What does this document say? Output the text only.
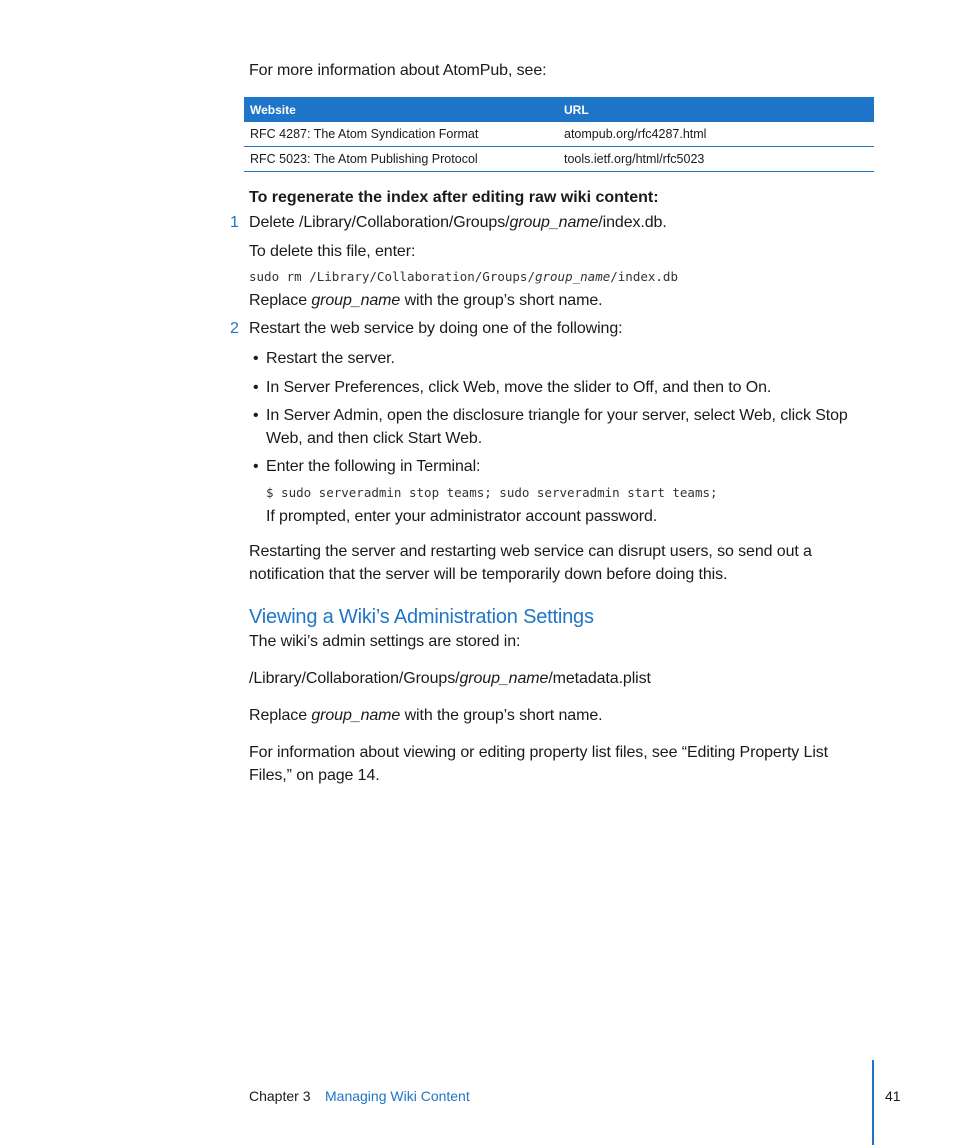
For more information about AtomPub, see:
Website	URL
RFC 4287: The Atom Syndication Format	atompub.org/rfc4287.html
RFC 5023: The Atom Publishing Protocol	tools.ietf.org/html/rfc5023
To regenerate the index after editing raw wiki content:
1 Delete /Library/Collaboration/Groups/group_name/index.db.
To delete this file, enter:
sudo rm /Library/Collaboration/Groups/group_name/index.db
Replace group_name with the group’s short name.
2 Restart the web service by doing one of the following:
• Restart the server.
• In Server Preferences, click Web, move the slider to Off, and then to On.
• In Server Admin, open the disclosure triangle for your server, select Web, click Stop Web, and then click Start Web.
• Enter the following in Terminal:
$ sudo serveradmin stop teams; sudo serveradmin start teams;
If prompted, enter your administrator account password.
Restarting the server and restarting web service can disrupt users, so send out a notification that the server will be temporarily down before doing this.
Viewing a Wiki’s Administration Settings
The wiki’s admin settings are stored in:
/Library/Collaboration/Groups/group_name/metadata.plist
Replace group_name with the group’s short name.
For information about viewing or editing property list files, see “Editing Property List Files,” on page 14.
Chapter 3 Managing Wiki Content	41
